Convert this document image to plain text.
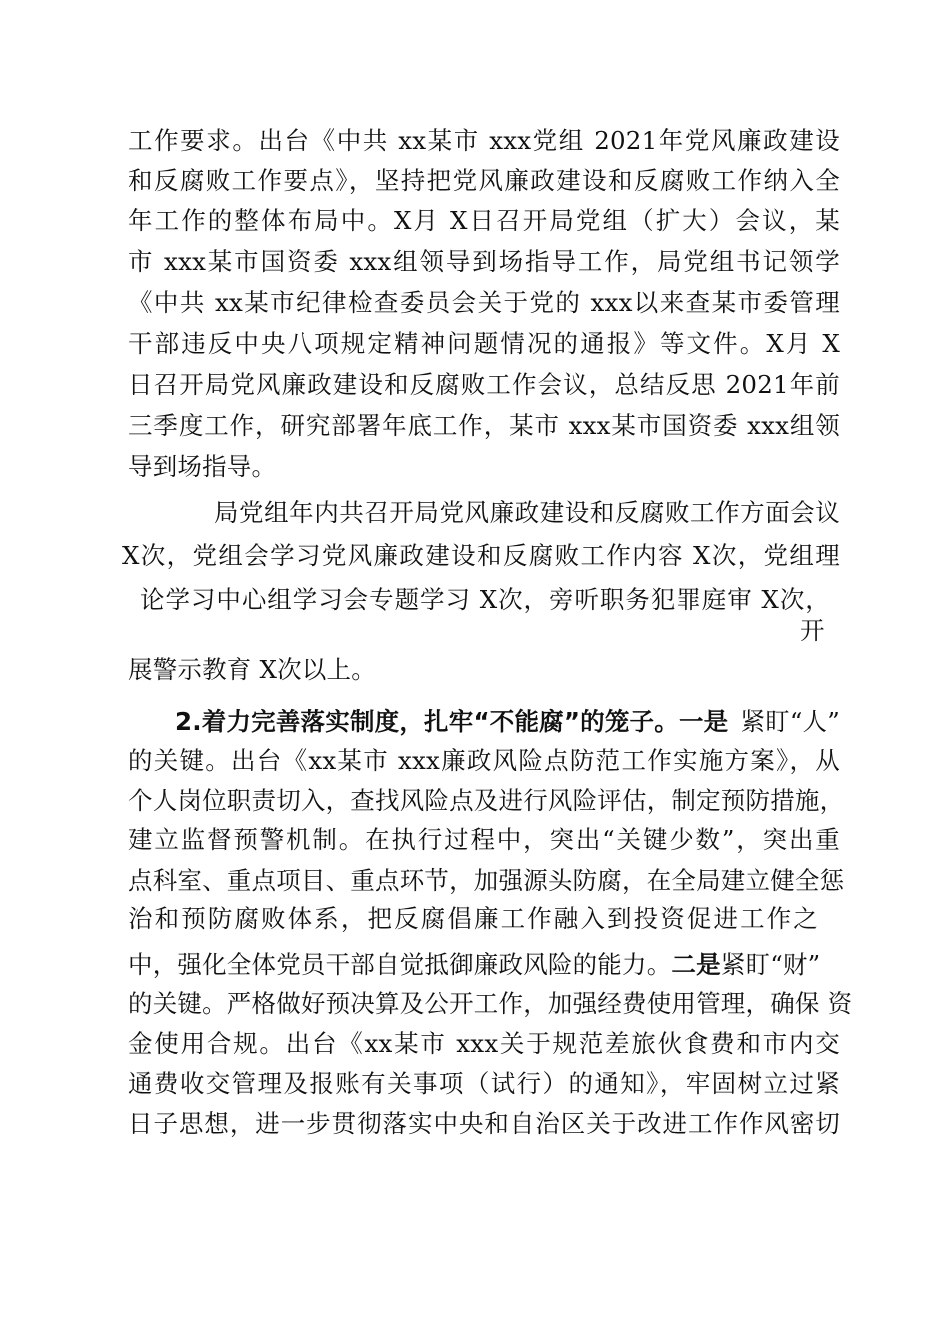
工作要求。出台《中共 xx某市 xxx党组 2021年党风廉政建设
和反腐败工作要点》，坚持把党风廉政建设和反腐败工作纳入全
年工作的整体布局中。X月 X日召开局党组（扩大）会议，某
市 xxx某市国资委 xxx组领导到场指导工作，局党组书记领学
《中共 xx某市纪律检查委员会关于党的 xxx以来查某市委管理
干部违反中央八项规定精神问题情况的通报》等文件。X月 X
日召开局党风廉政建设和反腐败工作会议，总结反思 2021年前
三季度工作，研究部署年底工作，某市 xxx某市国资委 xxx组领
导到场指导。
局党组年内共召开局党风廉政建设和反腐败工作方面会议
X次，党组会学习党风廉政建设和反腐败工作内容 X次，党组理
论学习中心组学习会专题学习 X次，旁听职务犯罪庭审 X次，
开
展警示教育 X次以上。
2.着力完善落实制度，扎牢“不能腐”的笼子。一是 紧盯“人”
的关键。出台《xx某市 xxx廉政风险点防范工作实施方案》，从
个人岗位职责切入，查找风险点及进行风险评估，制定预防措施，
建立监督预警机制。在执行过程中，突出“关键少数”，突出重
点科室、重点项目、重点环节，加强源头防腐，在全局建立健全惩
治和预防腐败体系，把反腐倡廉工作融入到投资促进工作之
中，强化全体党员干部自觉抵御廉政风险的能力。 二是 紧盯“财”
的关键。严格做好预决算及公开工作，加强经费使用管理，确保 资
金使用合规。出台《xx某市 xxx关于规范差旅伙食费和市内交
通费收交管理及报账有关事项（试行）的通知》，牢固树立过紧
日子思想，进一步贯彻落实中央和自治区关于改进工作作风密切
